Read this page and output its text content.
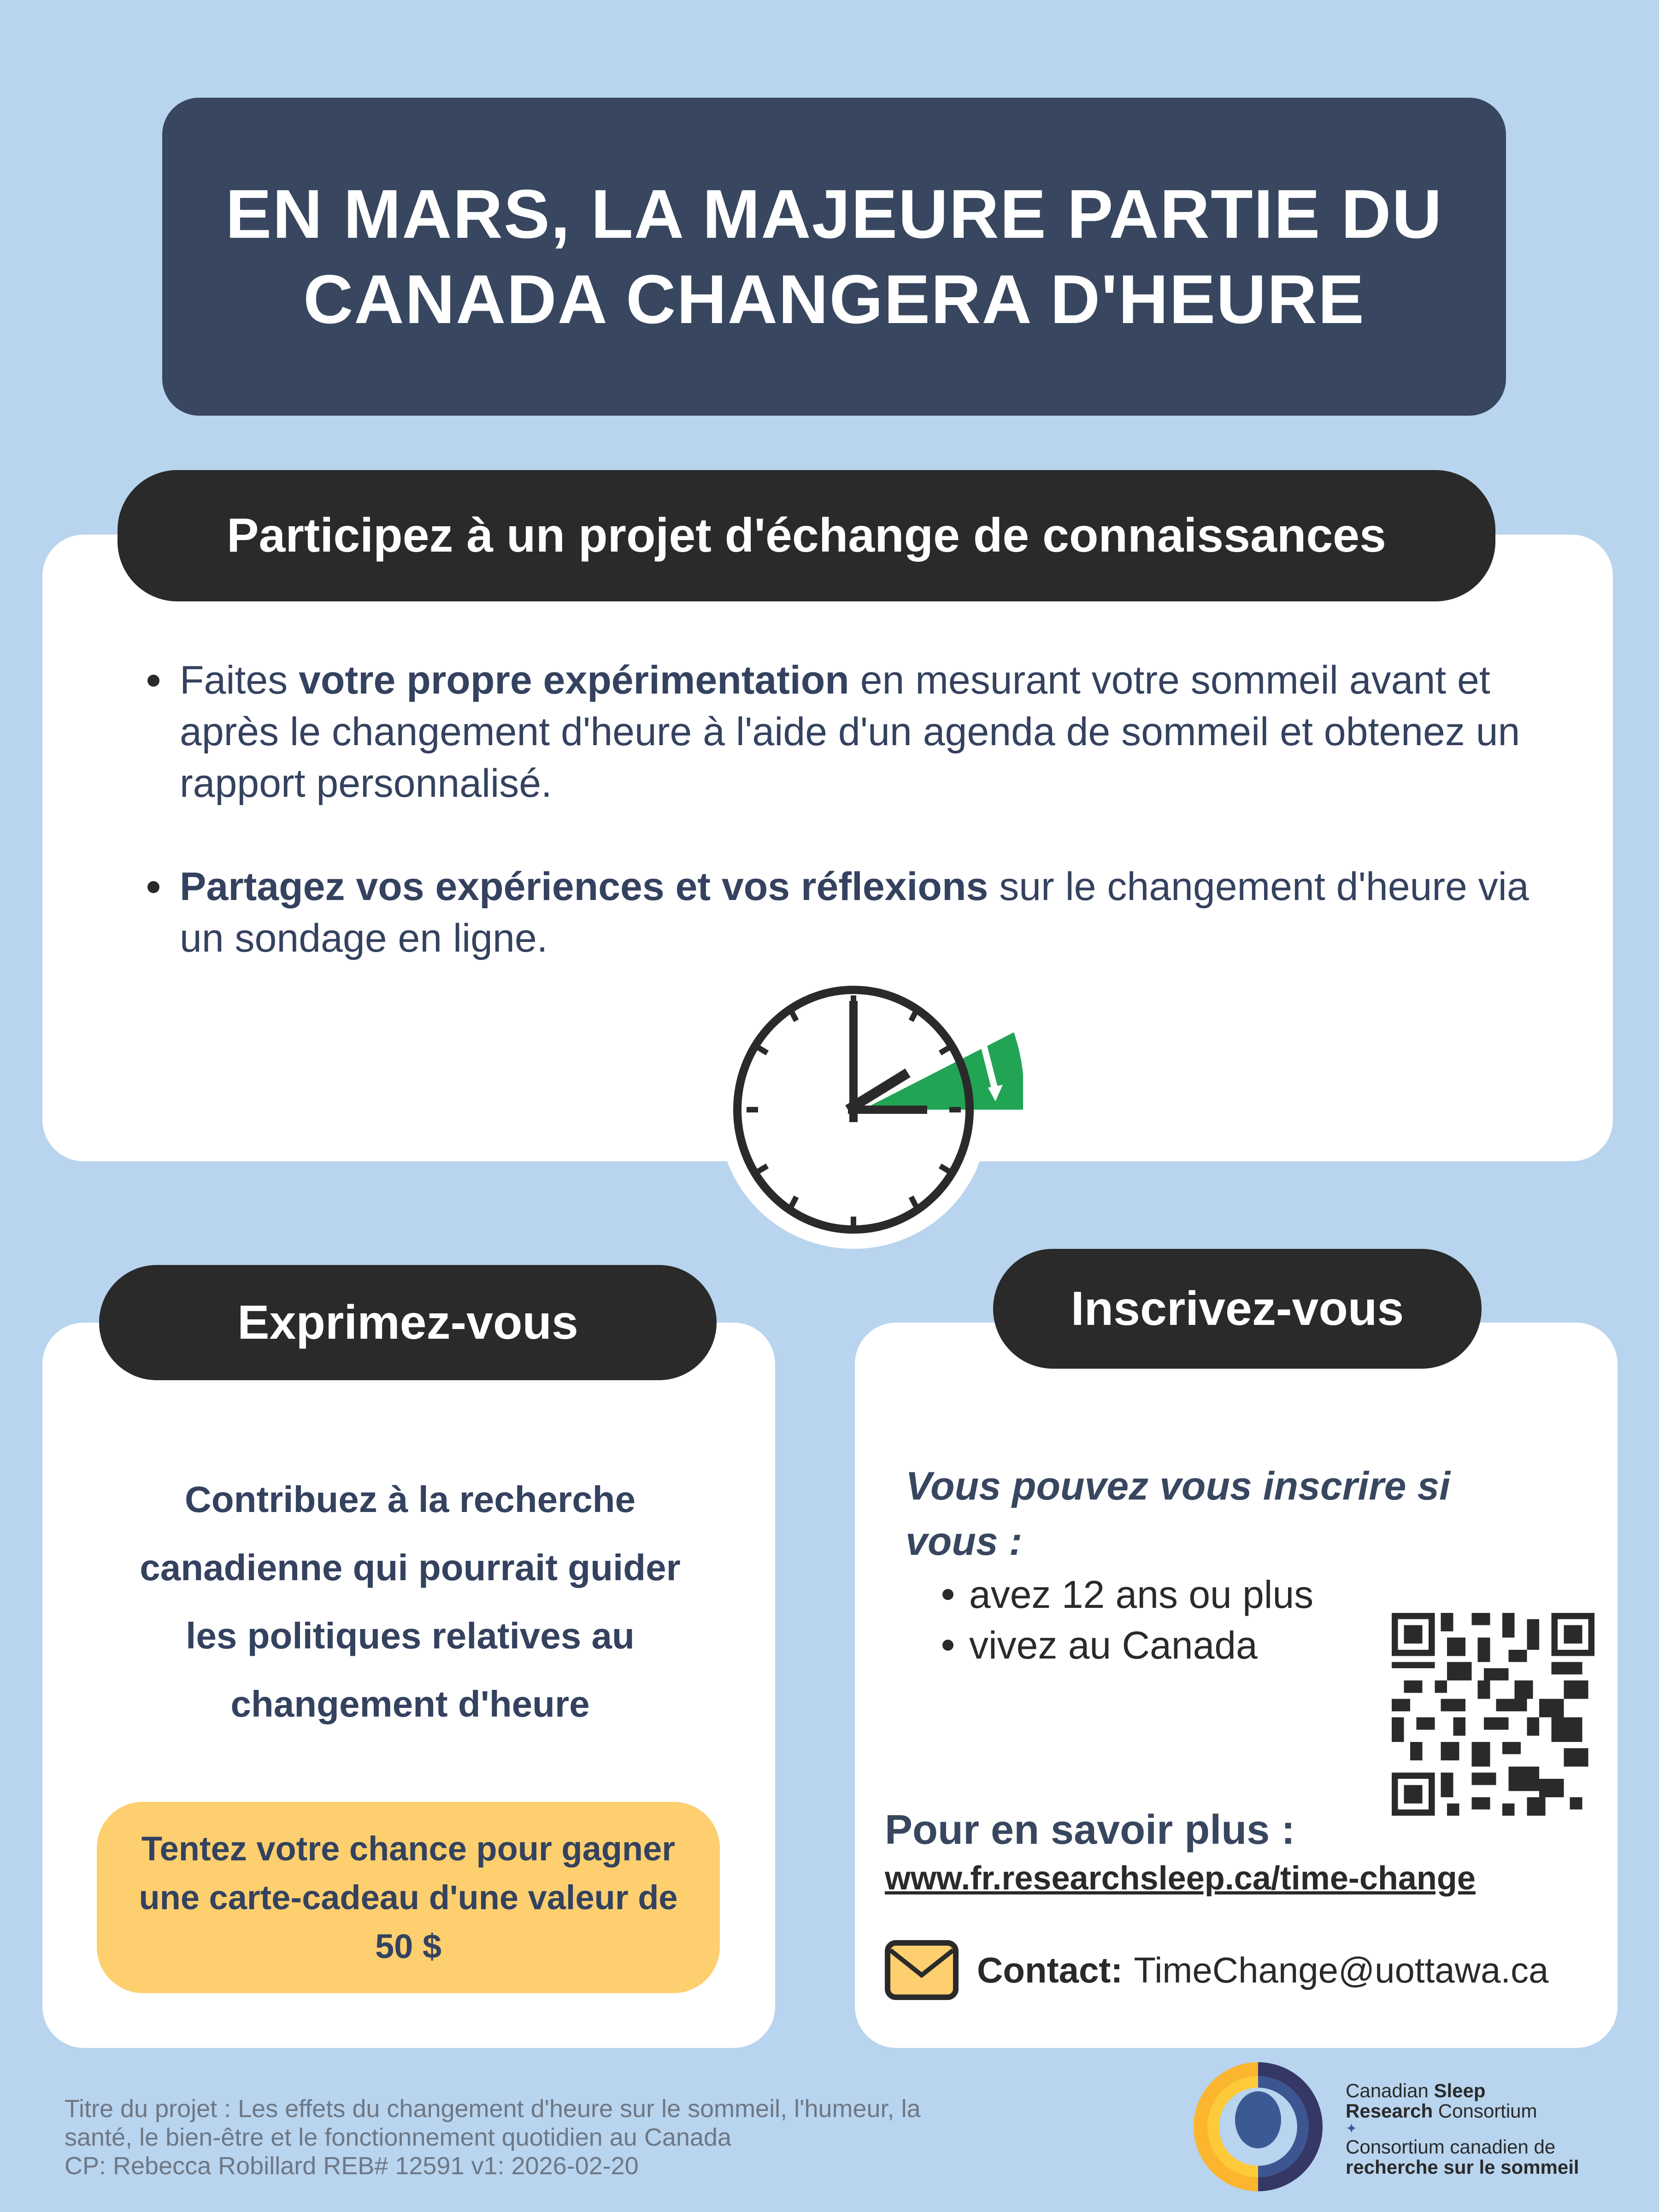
EN MARS, LA MAJEURE PARTIE DU
CANADA CHANGERA D'HEURE
Participez à un projet d'échange de connaissances
Faites votre propre expérimentation en mesurant votre sommeil avant et après le changement d'heure à l'aide d'un agenda de sommeil et obtenez un rapport personnalisé.
Partagez vos expériences et vos réflexions sur le changement d'heure via un sondage en ligne.
Exprimez-vous
Contribuez à la recherche
canadienne qui pourrait guider
les politiques relatives au
changement d'heure
Tentez votre chance pour gagner
une carte-cadeau d'une valeur de
50 $
Inscrivez-vous
Vous pouvez vous inscrire si
vous :
avez 12 ans ou plus
vivez au Canada
Pour en savoir plus :
www.fr.researchsleep.ca/time-change
Contact: TimeChange@uottawa.ca
Titre du projet : Les effets du changement d'heure sur le sommeil, l'humeur, la
santé, le bien-être et le fonctionnement quotidien au Canada
CP: Rebecca Robillard REB# 12591 v1: 2026-02-20
Canadian Sleep
Research Consortium
✦
Consortium canadien de
recherche sur le sommeil
